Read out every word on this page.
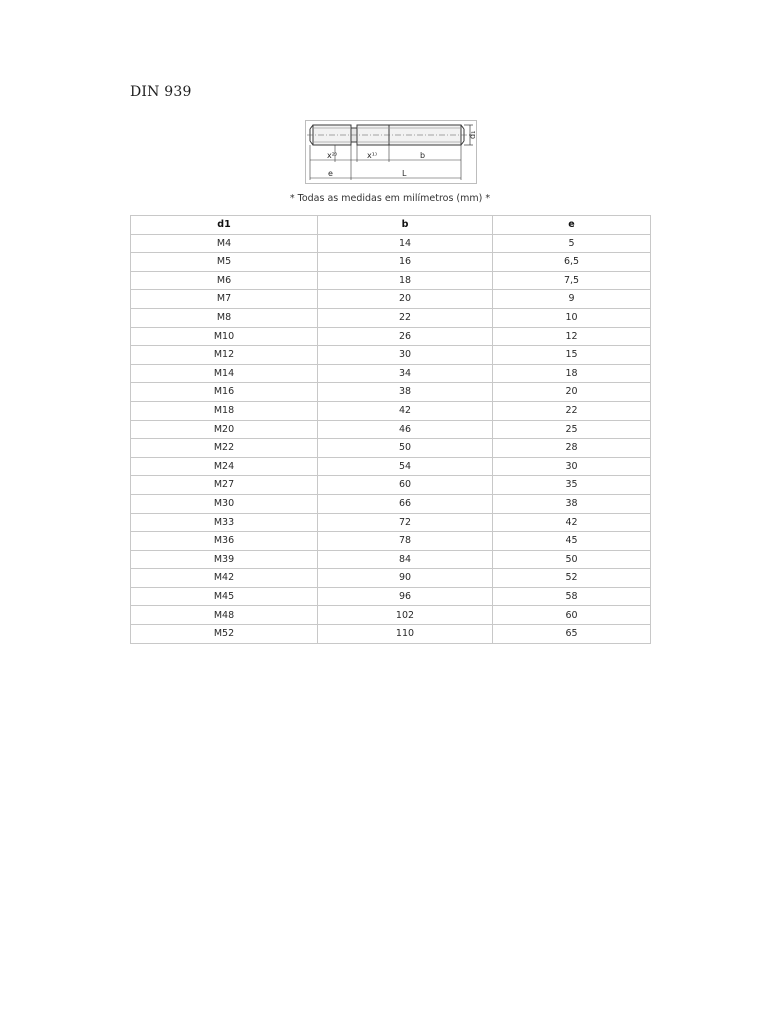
DIN 939
d₁
x²⁾	x¹⁾	b
e	L
* Todas as medidas em milímetros (mm) *
d1	b	e
M4	14	5
M5	16	6,5
M6	18	7,5
M7	20	9
M8	22	10
M10	26	12
M12	30	15
M14	34	18
M16	38	20
M18	42	22
M20	46	25
M22	50	28
M24	54	30
M27	60	35
M30	66	38
M33	72	42
M36	78	45
M39	84	50
M42	90	52
M45	96	58
M48	102	60
M52	110	65
